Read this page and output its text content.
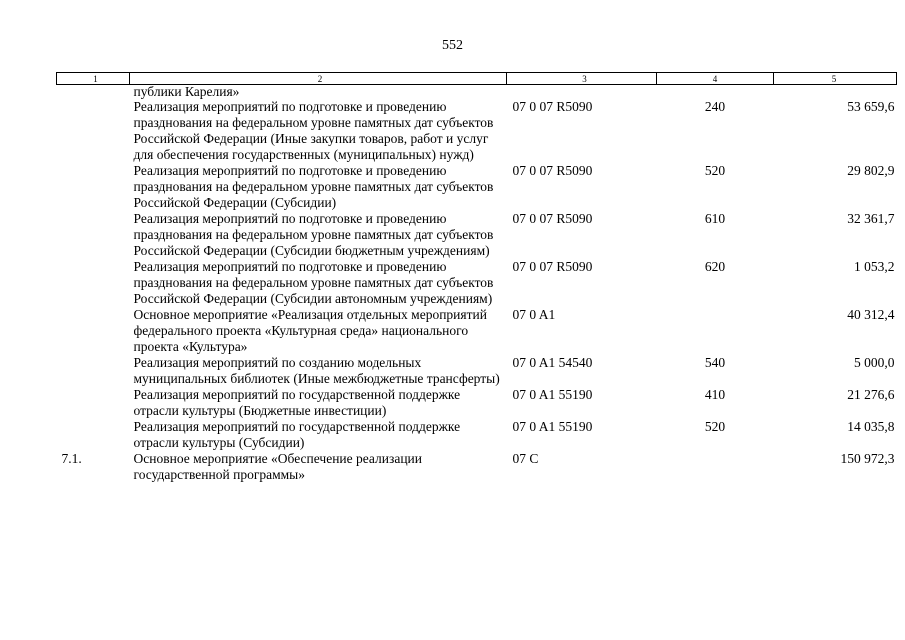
552
1	2	3	4	5
	публики Карелия»			
	Реализация мероприятий по подготовке и проведению празднования на федеральном уровне памятных дат субъектов Российской Федерации (Иные закупки товаров, работ и услуг для обеспечения государственных (муниципальных) нужд)	07 0 07 R5090	240	53 659,6
	Реализация мероприятий по подготовке и проведению празднования на федеральном уровне памятных дат субъектов Российской Федерации (Субсидии)	07 0 07 R5090	520	29 802,9
	Реализация мероприятий по подготовке и проведению празднования на федеральном уровне памятных дат субъектов Российской Федерации (Субсидии бюджетным учреждениям)	07 0 07 R5090	610	32 361,7
	Реализация мероприятий по подготовке и проведению празднования на федеральном уровне памятных дат субъектов Российской Федерации (Субсидии автономным учреждениям)	07 0 07 R5090	620	1 053,2
	Основное мероприятие «Реализация отдельных мероприятий федерального проекта «Культурная среда» национального проекта «Культура»	07 0 A1		40 312,4
	Реализация мероприятий по созданию модельных муниципальных библиотек (Иные межбюджетные трансферты)	07 0 A1 54540	540	5 000,0
	Реализация мероприятий по государственной поддержке отрасли культуры (Бюджетные инвестиции)	07 0 A1 55190	410	21 276,6
	Реализация мероприятий по государственной поддержке отрасли культуры (Субсидии)	07 0 A1 55190	520	14 035,8
7.1.	Основное мероприятие «Обеспечение реализации государственной программы»	07 С		150 972,3
